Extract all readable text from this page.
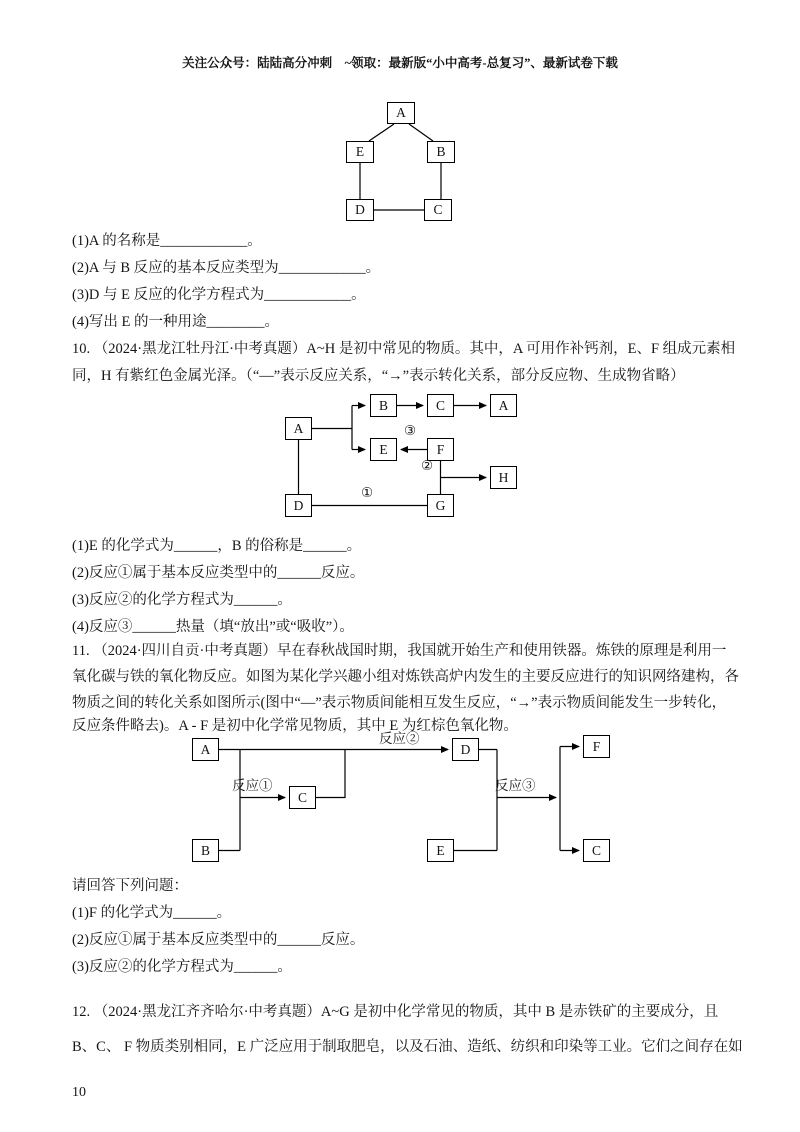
关注公众号：陆陆高分冲刺　~领取：最新版“小中高考-总复习”、最新试卷下载
A
E	B
D	C
(1)A 的名称是____________。
(2)A 与 B 反应的基本反应类型为____________。
(3)D 与 E 反应的化学方程式为____________。
(4)写出 E 的一种用途________。
10. （2024·黑龙江牡丹江·中考真题）A~H 是初中常见的物质。其中，A 可用作补钙剂，E、F 组成元素相
同，H 有紫红色金属光泽。（“—”表示反应关系，“→”表示转化关系，部分反应物、生成物省略）
A
B	C	A
E	F
H
D	G
③
②
①
(1)E 的化学式为______，B 的俗称是______。
(2)反应①属于基本反应类型中的______反应。
(3)反应②的化学方程式为______。
(4)反应③______热量（填“放出”或“吸收”）。
11. （2024·四川自贡·中考真题）早在春秋战国时期，我国就开始生产和使用铁器。炼铁的原理是利用一
氧化碳与铁的氧化物反应。如图为某化学兴趣小组对炼铁高炉内发生的主要反应进行的知识网络建构，各
物质之间的转化关系如图所示(图中“—”表示物质间能相互发生反应，“→”表示物质间能发生一步转化，
反应条件略去)。A - F 是初中化学常见物质，其中 E 为红棕色氧化物。
A
B
C
D
E
F
C
反应②
反应①	反应③
请回答下列问题：
(1)F 的化学式为______。
(2)反应①属于基本反应类型中的______反应。
(3)反应②的化学方程式为______。
12. （2024·黑龙江齐齐哈尔·中考真题）A~G 是初中化学常见的物质，其中 B 是赤铁矿的主要成分，且
B、C、 F 物质类别相同，E 广泛应用于制取肥皂，以及石油、造纸、纺织和印染等工业。它们之间存在如
10
